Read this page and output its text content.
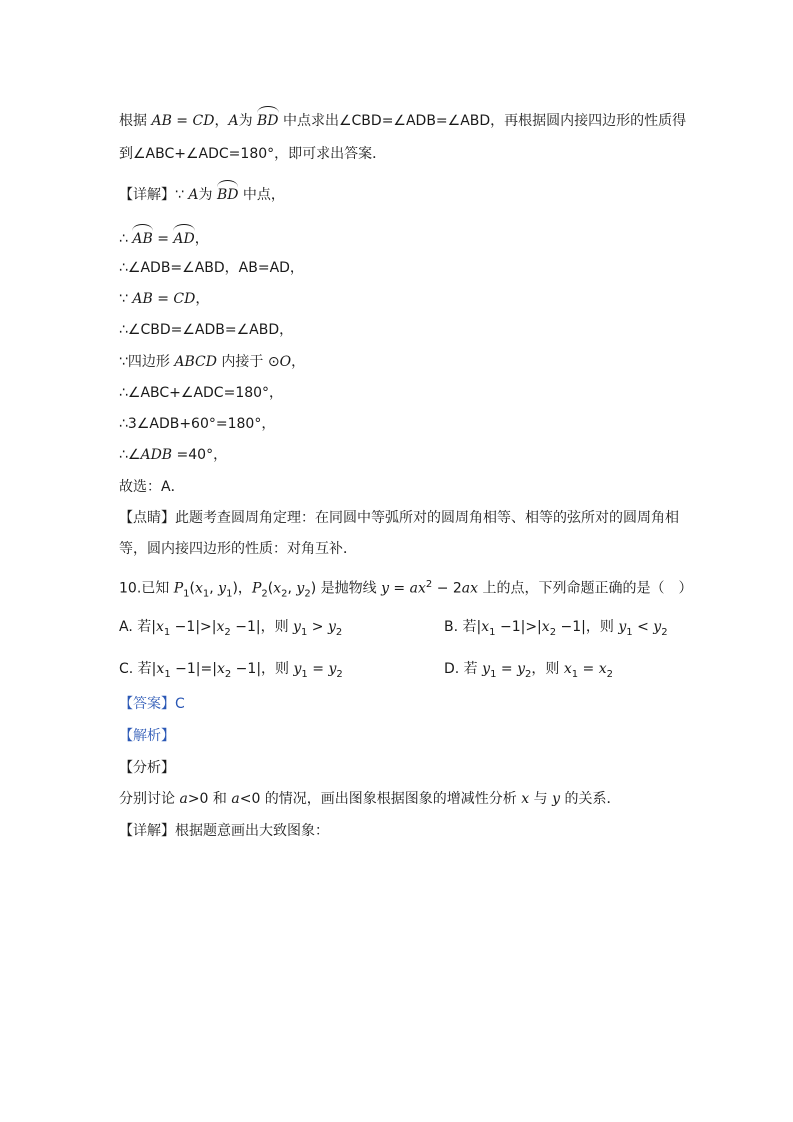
根据 AB = CD，A为 BD 中点求出∠CBD=∠ADB=∠ABD，再根据圆内接四边形的性质得
到∠ABC+∠ADC=180°，即可求出答案．
【详解】∵ A为 BD 中点，
∴ AB = AD，
∴∠ADB=∠ABD，AB=AD，
∵ AB = CD，
∴∠CBD=∠ADB=∠ABD，
∵四边形 ABCD 内接于 ⊙O，
∴∠ABC+∠ADC=180°，
∴3∠ADB+60°=180°，
∴∠ADB =40°，
故选：A．
【点睛】此题考查圆周角定理：在同圆中等弧所对的圆周角相等、相等的弦所对的圆周角相
等，圆内接四边形的性质：对角互补．
10.已知 $P_1(x_1$, $y_1$)，$P_2(x_2$, $y_2$) 是抛物线 $y = ax^2 - 2ax$ 上的点，下列命题正确的是（　）
A. 若$|x_1 -1|>|x_2 -1|$，则 $y_1 > y_2$	B. 若$|x_1 -1|>|x_2 -1|$，则 $y_1 < y_2$
C. 若$|x_1 -1|=|x_2 -1|$，则 $y_1 = y_2$	D. 若 $y_1 = y_2$，则 $x_1 = x_2$
【答案】C
【解析】
【分析】
分别讨论 a>0 和 a<0 的情况，画出图象根据图象的增减性分析 x 与 y 的关系．
【详解】根据题意画出大致图象：
